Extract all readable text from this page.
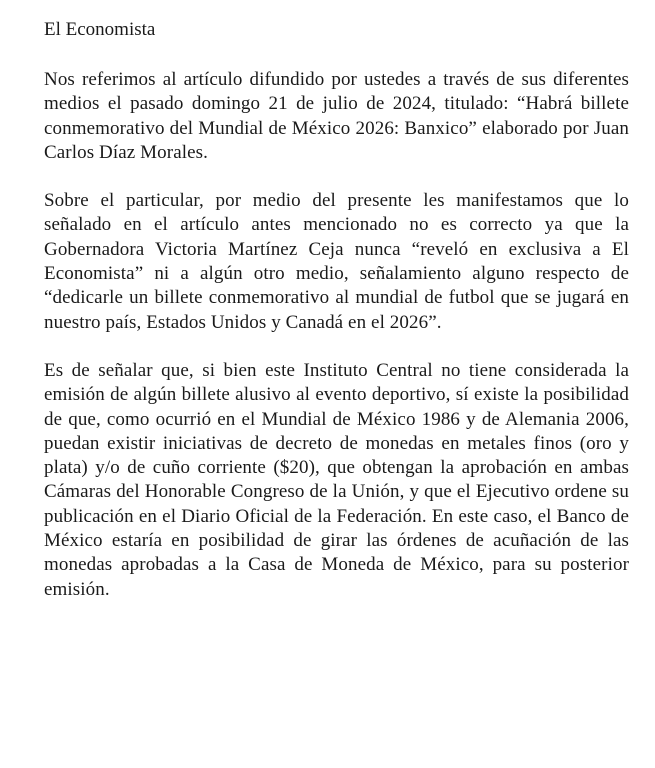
El Economista

Nos referimos al artículo difundido por ustedes a través de sus diferentes medios el pasado domingo 21 de julio de 2024, titulado: “Habrá billete conmemorativo del Mundial de México 2026: Banxico” elaborado por Juan Carlos Díaz Morales.

Sobre el particular, por medio del presente les manifestamos que lo señalado en el artículo antes mencionado no es correcto ya que la Gobernadora Victoria Martínez Ceja nunca “reveló en exclusiva a El Economista” ni a algún otro medio, señalamiento alguno respecto de “dedicarle un billete conmemorativo al mundial de futbol que se jugará en nuestro país, Estados Unidos y Canadá en el 2026”.

Es de señalar que, si bien este Instituto Central no tiene considerada la emisión de algún billete alusivo al evento deportivo, sí existe la posibilidad de que, como ocurrió en el Mundial de México 1986 y de Alemania 2006, puedan existir iniciativas de decreto de monedas en metales finos (oro y plata) y/o de cuño corriente ($20), que obtengan la aprobación en ambas Cámaras del Honorable Congreso de la Unión, y que el Ejecutivo ordene su publicación en el Diario Oficial de la Federación. En este caso, el Banco de México estaría en posibilidad de girar las órdenes de acuñación de las monedas aprobadas a la Casa de Moneda de México, para su posterior emisión.
